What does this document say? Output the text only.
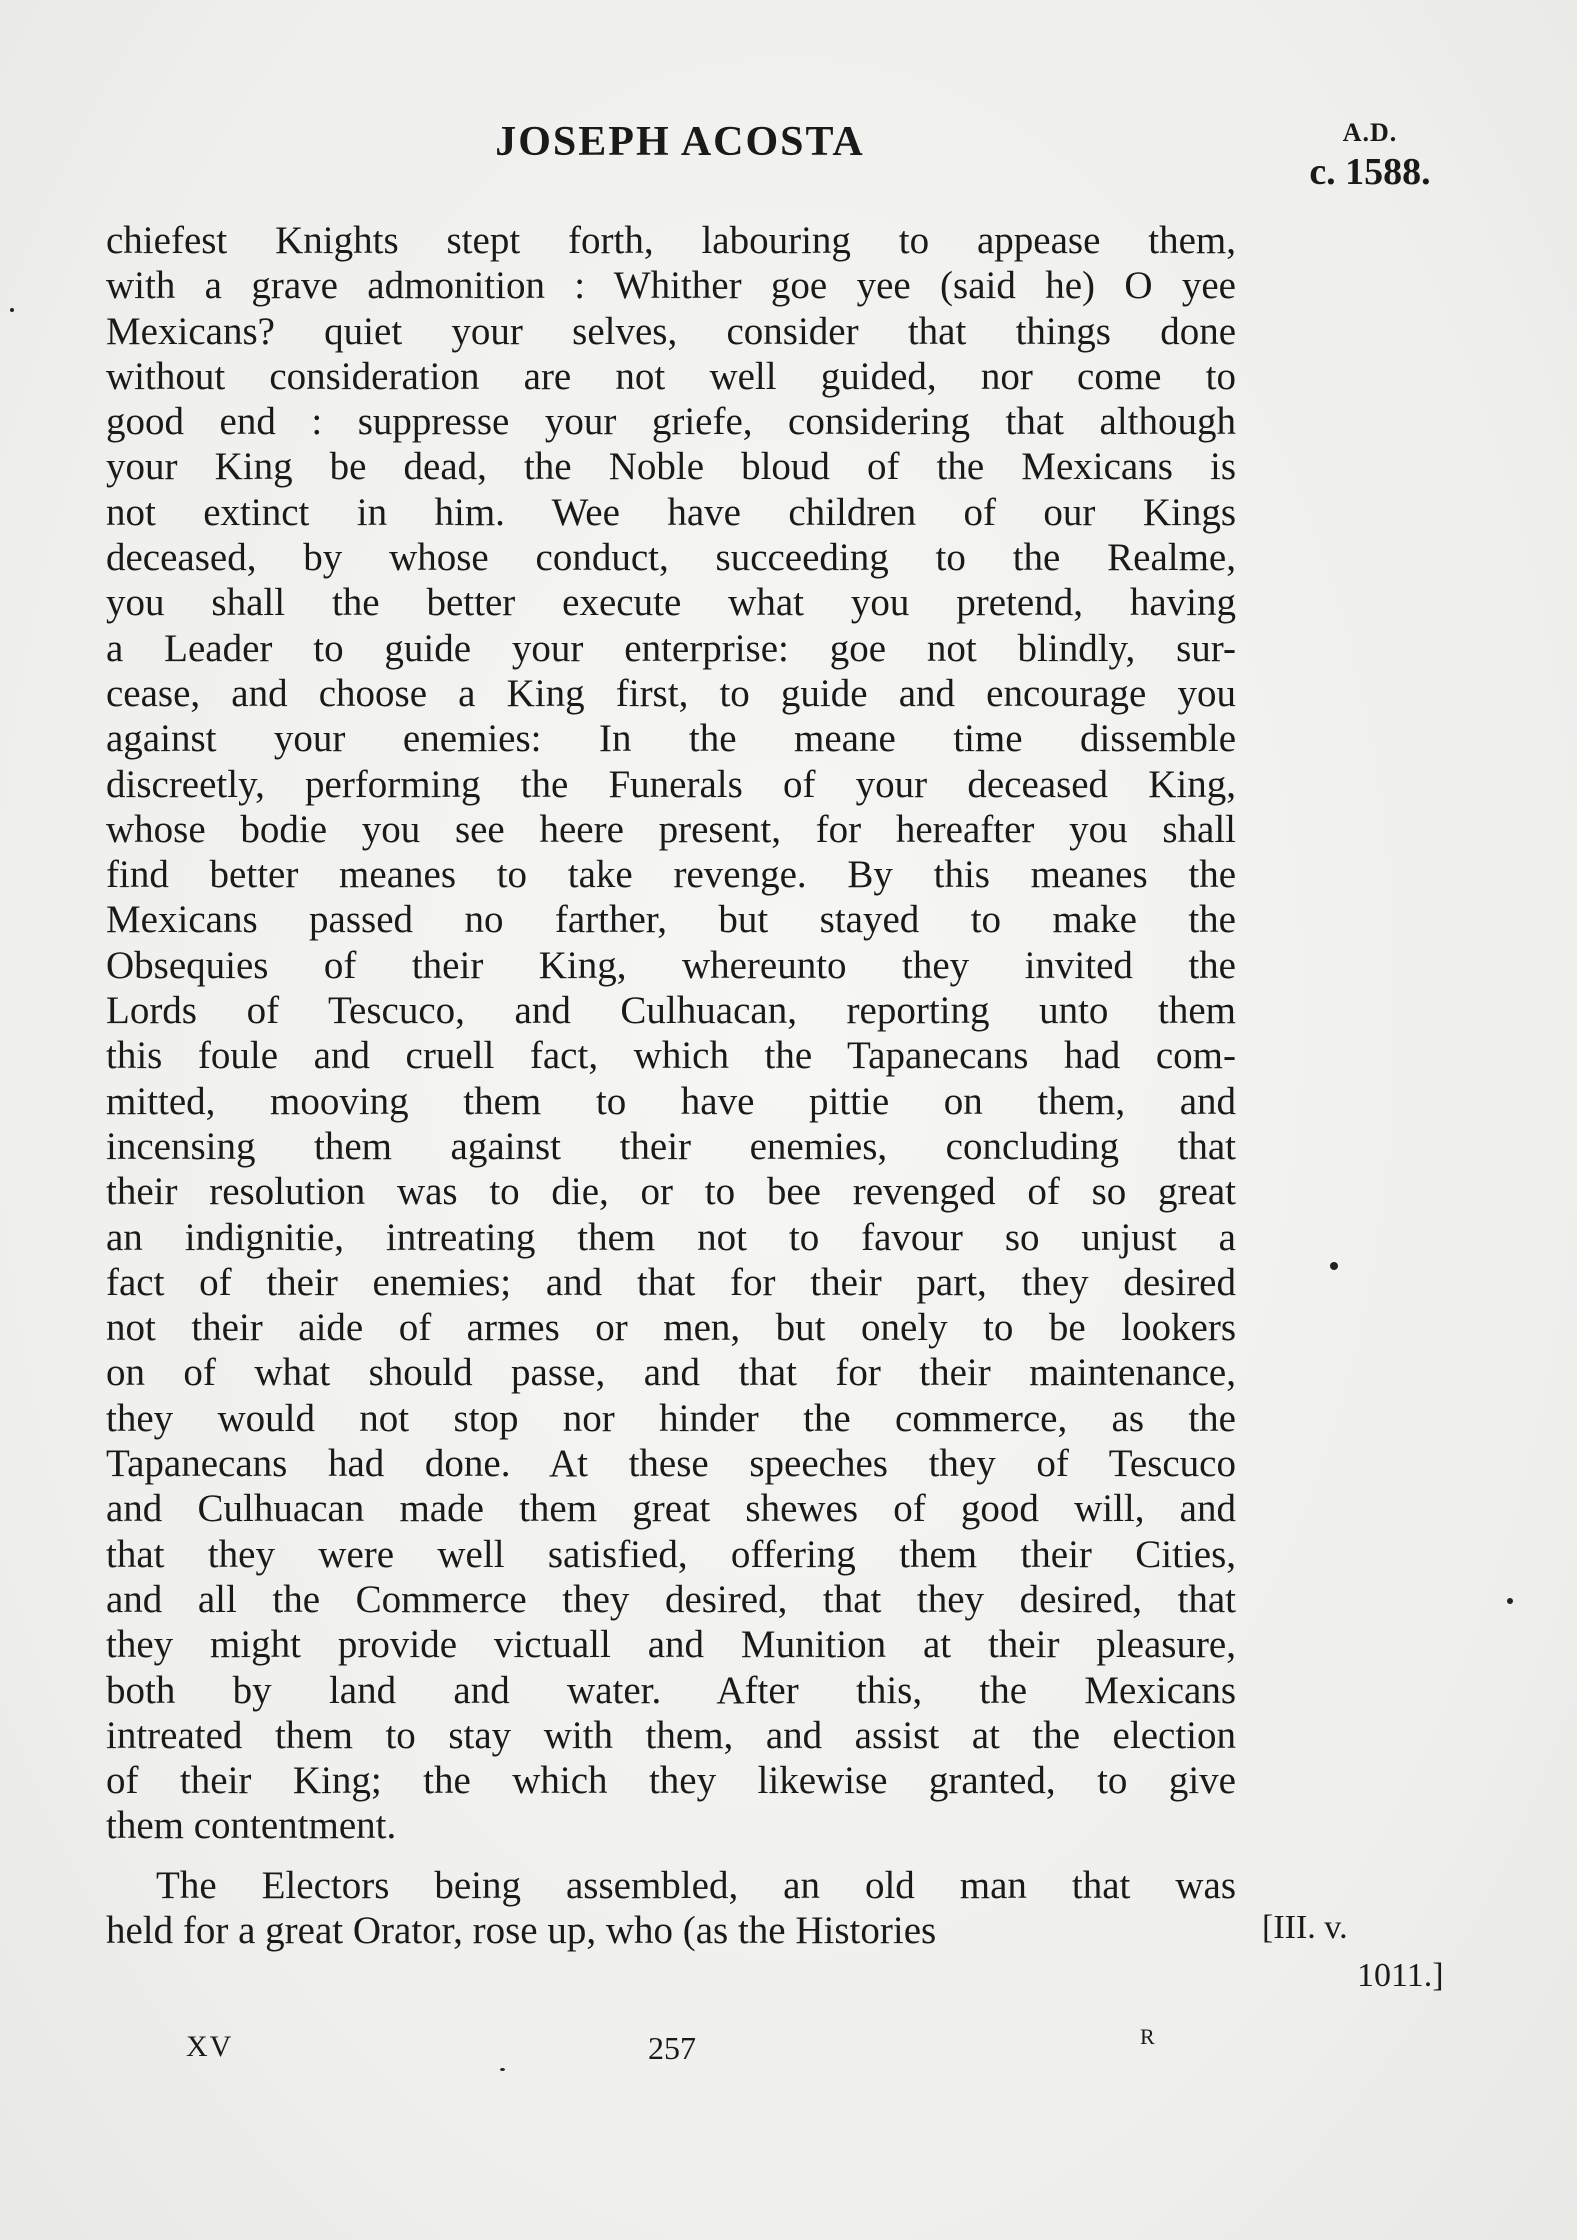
JOSEPH ACOSTA	A.D.
c. 1588.
chiefest Knights stept forth, labouring to appease them,
with a grave admonition : Whither goe yee (said he) O yee
Mexicans? quiet your selves, consider that things done
without consideration are not well guided, nor come to
good end : suppresse your griefe, considering that although
your King be dead, the Noble bloud of the Mexicans is
not extinct in him. Wee have children of our Kings
deceased, by whose conduct, succeeding to the Realme,
you shall the better execute what you pretend, having
a Leader to guide your enterprise: goe not blindly, sur-
cease, and choose a King first, to guide and encourage you
against your enemies: In the meane time dissemble
discreetly, performing the Funerals of your deceased King,
whose bodie you see heere present, for hereafter you shall
find better meanes to take revenge. By this meanes the
Mexicans passed no farther, but stayed to make the
Obsequies of their King, whereunto they invited the
Lords of Tescuco, and Culhuacan, reporting unto them
this foule and cruell fact, which the Tapanecans had com-
mitted, mooving them to have pittie on them, and
incensing them against their enemies, concluding that
their resolution was to die, or to bee revenged of so great
an indignitie, intreating them not to favour so unjust a
fact of their enemies; and that for their part, they desired
not their aide of armes or men, but onely to be lookers
on of what should passe, and that for their maintenance,
they would not stop nor hinder the commerce, as the
Tapanecans had done. At these speeches they of Tescuco
and Culhuacan made them great shewes of good will, and
that they were well satisfied, offering them their Cities,
and all the Commerce they desired, that they desired, that
they might provide victuall and Munition at their pleasure,
both by land and water. After this, the Mexicans
intreated them to stay with them, and assist at the election
of their King; the which they likewise granted, to give
them contentment.
The Electors being assembled, an old man that was
held for a great Orator, rose up, who (as the Histories	[III. v.
1011.]
XV	257	R
